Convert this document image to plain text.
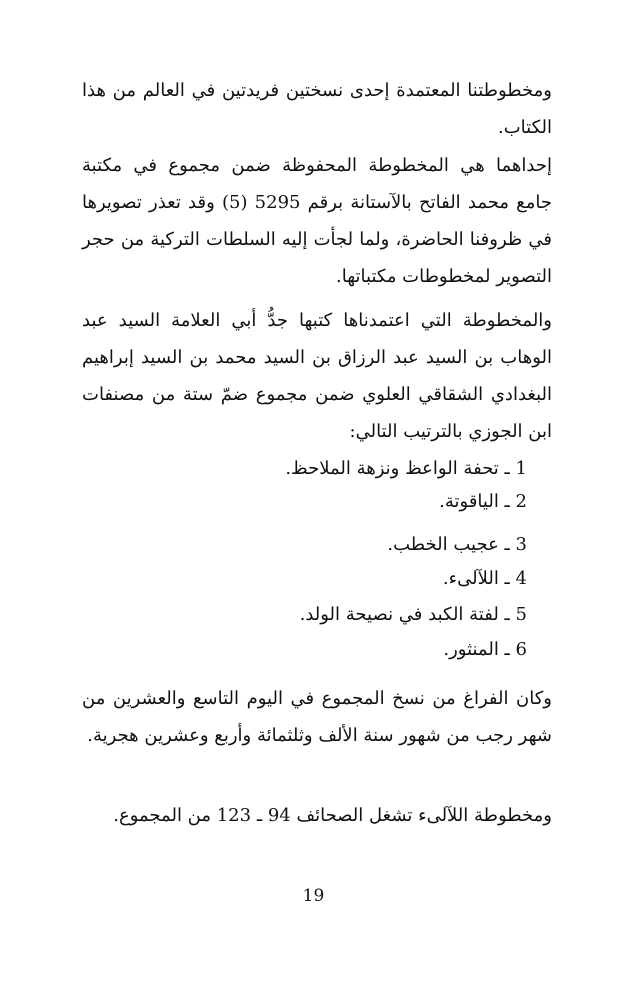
ومخطوطتنا المعتمدة إحدى نسختين فريدتين في العالم من هذا الكتاب.

إحداهما هي المخطوطة المحفوظة ضمن مجموع في مكتبة جامع محمد الفاتح بالآستانة برقم 5295 (5) وقد تعذر تصويرها في ظروفنا الحاضرة، ولما لجأت إليه السلطات التركية من حجر التصوير لمخطوطات مكتباتها.

والمخطوطة التي اعتمدناها كتبها جدُّ أبي العلامة السيد عبد الوهاب بن السيد عبد الرزاق بن السيد محمد بن السيد إبراهيم البغدادي الشقاقي العلوي ضمن مجموع ضمّ ستة من مصنفات ابن الجوزي بالترتيب التالي:

1 ـ تحفة الواعظ ونزهة الملاحظ.

2 ـ الياقوتة.

3 ـ عجيب الخطب.

4 ـ اللآلىء.

5 ـ لفتة الكبد في نصيحة الولد.

6 ـ المنثور.

وكان الفراغ من نسخ المجموع في اليوم التاسع والعشرين من شهر رجب من شهور سنة الألف وثلثمائة وأربع وعشرين هجرية.

ومخطوطة اللآلىء تشغل الصحائف 94 ـ 123 من المجموع.

19
